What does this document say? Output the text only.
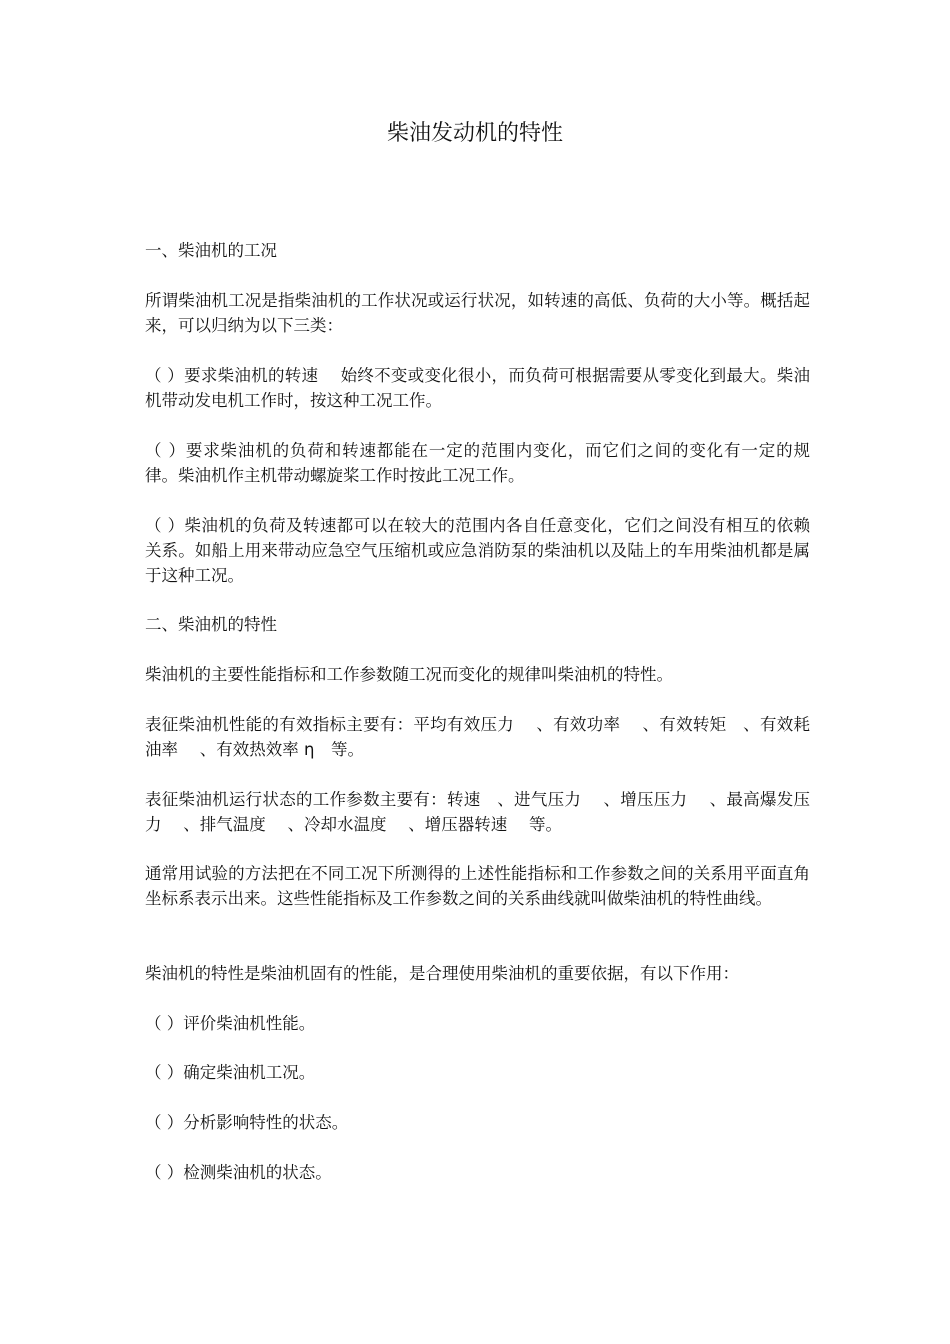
柴油发动机的特性

一、柴油机的工况

所谓柴油机工况是指柴油机的工作状况或运行状况，如转速的高低、负荷的大小等。概括起来，可以归纳为以下三类：

（ ）要求柴油机的转速　 始终不变或变化很小，而负荷可根据需要从零变化到最大。柴油机带动发电机工作时，按这种工况工作。

（ ）要求柴油机的负荷和转速都能在一定的范围内变化，而它们之间的变化有一定的规律。柴油机作主机带动螺旋桨工作时按此工况工作。

（ ）柴油机的负荷及转速都可以在较大的范围内各自任意变化，它们之间没有相互的依赖关系。如船上用来带动应急空气压缩机或应急消防泵的柴油机以及陆上的车用柴油机都是属于这种工况。

二、柴油机的特性

柴油机的主要性能指标和工作参数随工况而变化的规律叫柴油机的特性。

表征柴油机性能的有效指标主要有：平均有效压力　 、有效功率　 、有效转矩　、有效耗油率　 、有效热效率 η　等。

表征柴油机运行状态的工作参数主要有：转速　、进气压力　 、增压压力　 、最高爆发压力　 、排气温度　 、冷却水温度　 、增压器转速　 等。

通常用试验的方法把在不同工况下所测得的上述性能指标和工作参数之间的关系用平面直角坐标系表示出来。这些性能指标及工作参数之间的关系曲线就叫做柴油机的特性曲线。

柴油机的特性是柴油机固有的性能，是合理使用柴油机的重要依据，有以下作用：

（ ）评价柴油机性能。

（ ）确定柴油机工况。

（ ）分析影响特性的状态。

（ ）检测柴油机的状态。
